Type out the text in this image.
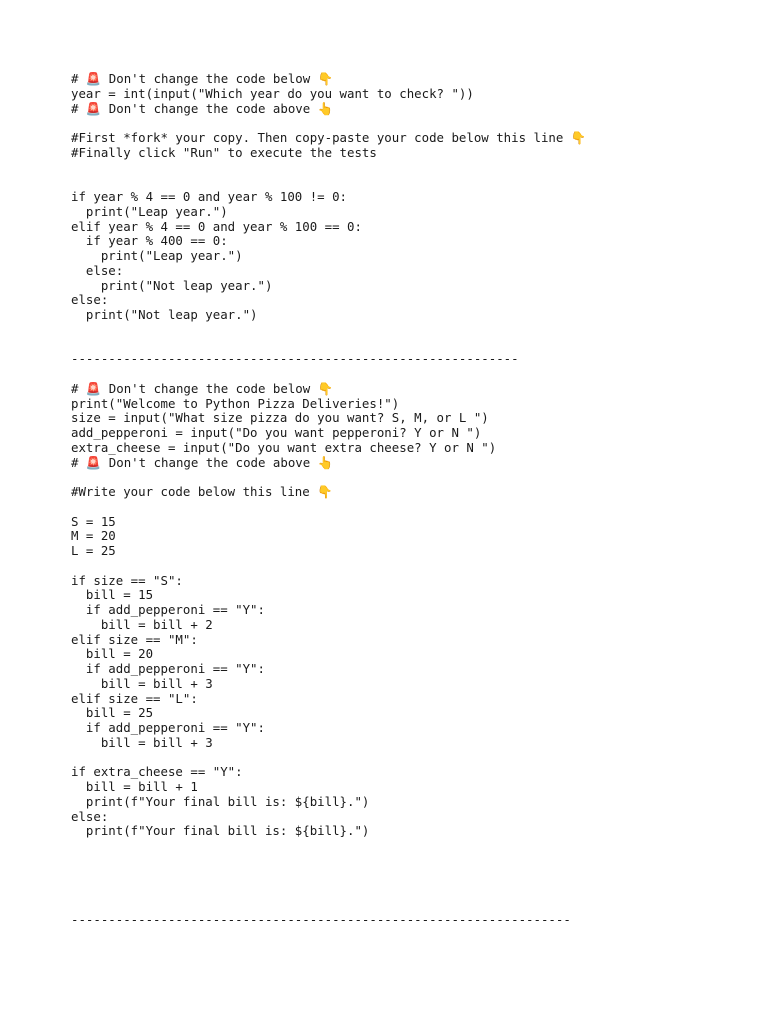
# 🚨 Don't change the code below 👇
year = int(input("Which year do you want to check? "))
# 🚨 Don't change the code above 👆

#First *fork* your copy. Then copy-paste your code below this line 👇
#Finally click "Run" to execute the tests

if year % 4 == 0 and year % 100 != 0:
print("Leap year.")
elif year % 4 == 0 and year % 100 == 0:
if year % 400 == 0:
print("Leap year.")
else:
print("Not leap year.")
else:
print("Not leap year.")

------------------------------------------------------------

# 🚨 Don't change the code below 👇
print("Welcome to Python Pizza Deliveries!")
size = input("What size pizza do you want? S, M, or L ")
add_pepperoni = input("Do you want pepperoni? Y or N ")
extra_cheese = input("Do you want extra cheese? Y or N ")
# 🚨 Don't change the code above 👆

#Write your code below this line 👇

S = 15
M = 20
L = 25

if size == "S":
bill = 15
if add_pepperoni == "Y":
bill = bill + 2
elif size == "M":
bill = 20
if add_pepperoni == "Y":
bill = bill + 3
elif size == "L":
bill = 25
if add_pepperoni == "Y":
bill = bill + 3

if extra_cheese == "Y":
bill = bill + 1
print(f"Your final bill is: ${bill}.")
else:
print(f"Your final bill is: ${bill}.")

-------------------------------------------------------------------
